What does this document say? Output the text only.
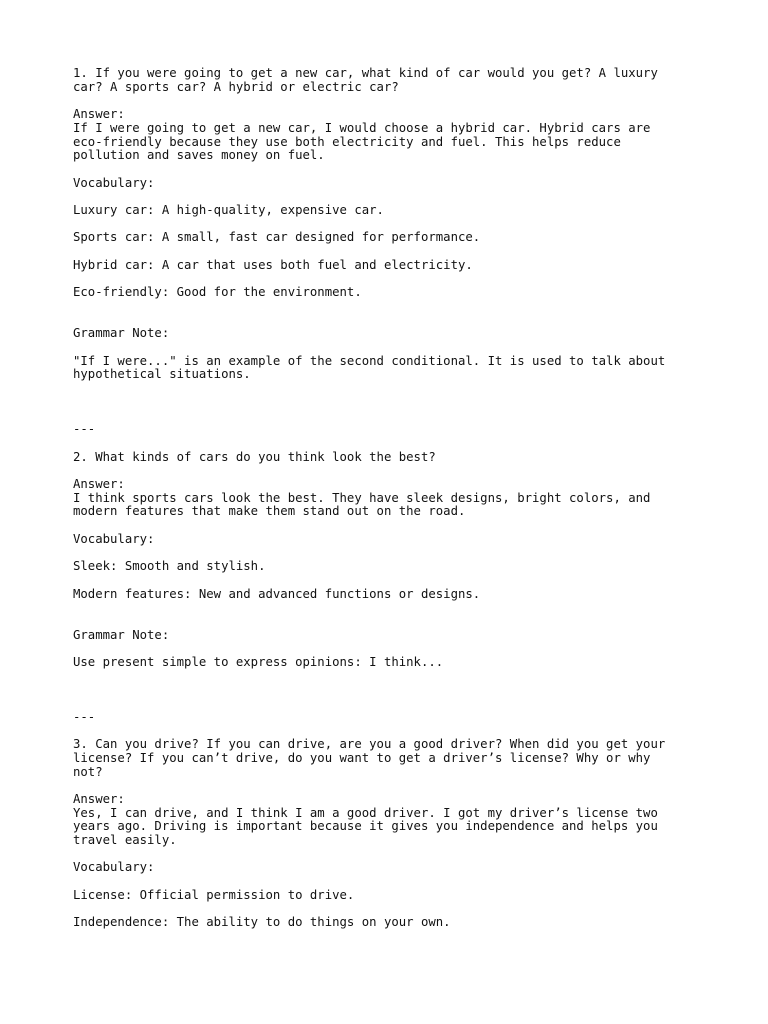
1. If you were going to get a new car, what kind of car would you get? A luxury
car? A sports car? A hybrid or electric car?

Answer:

If I were going to get a new car, I would choose a hybrid car. Hybrid cars are
eco-friendly because they use both electricity and fuel. This helps reduce
pollution and saves money on fuel.

Vocabulary:

Luxury car: A high-quality, expensive car.

Sports car: A small, fast car designed for performance.

Hybrid car: A car that uses both fuel and electricity.

Eco-friendly: Good for the environment.

Grammar Note:

"If I were..." is an example of the second conditional. It is used to talk about
hypothetical situations.

---

2. What kinds of cars do you think look the best?

Answer:

I think sports cars look the best. They have sleek designs, bright colors, and
modern features that make them stand out on the road.

Vocabulary:

Sleek: Smooth and stylish.

Modern features: New and advanced functions or designs.

Grammar Note:

Use present simple to express opinions: I think...

---

3. Can you drive? If you can drive, are you a good driver? When did you get your
license? If you can’t drive, do you want to get a driver’s license? Why or why
not?

Answer:

Yes, I can drive, and I think I am a good driver. I got my driver’s license two
years ago. Driving is important because it gives you independence and helps you
travel easily.

Vocabulary:

License: Official permission to drive.

Independence: The ability to do things on your own.
